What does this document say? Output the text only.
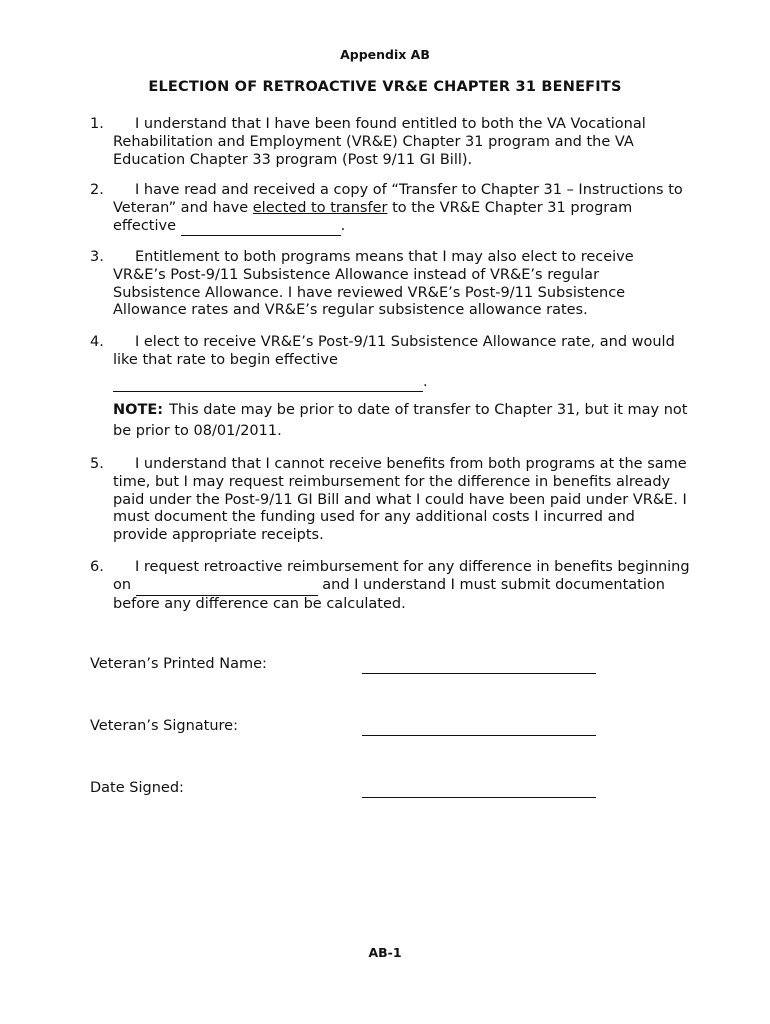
Appendix AB
ELECTION OF RETROACTIVE VR&E CHAPTER 31 BENEFITS
1.	I understand that I have been found entitled to both the VA Vocational Rehabilitation and Employment (VR&E) Chapter 31 program and the VA Education Chapter 33 program (Post 9/11 GI Bill).
2.	I have read and received a copy of “Transfer to Chapter 31 – Instructions to Veteran” and have elected to transfer to the VR&E Chapter 31 program effective	.
3.	Entitlement to both programs means that I may also elect to receive VR&E’s Post-9/11 Subsistence Allowance instead of VR&E’s regular Subsistence Allowance. I have reviewed VR&E’s Post-9/11 Subsistence Allowance rates and VR&E’s regular subsistence allowance rates.
4.	I elect to receive VR&E’s Post-9/11 Subsistence Allowance rate, and would like that rate to begin effective
.
NOTE: This date may be prior to date of transfer to Chapter 31, but it may not be prior to 08/01/2011.
5.	I understand that I cannot receive benefits from both programs at the same time, but I may request reimbursement for the difference in benefits already paid under the Post-9/11 GI Bill and what I could have been paid under VR&E. I must document the funding used for any additional costs I incurred and provide appropriate receipts.
6.	I request retroactive reimbursement for any difference in benefits beginning on	and I understand I must submit documentation before any difference can be calculated.
Veteran’s Printed Name:
Veteran’s Signature:
Date Signed:
AB-1
